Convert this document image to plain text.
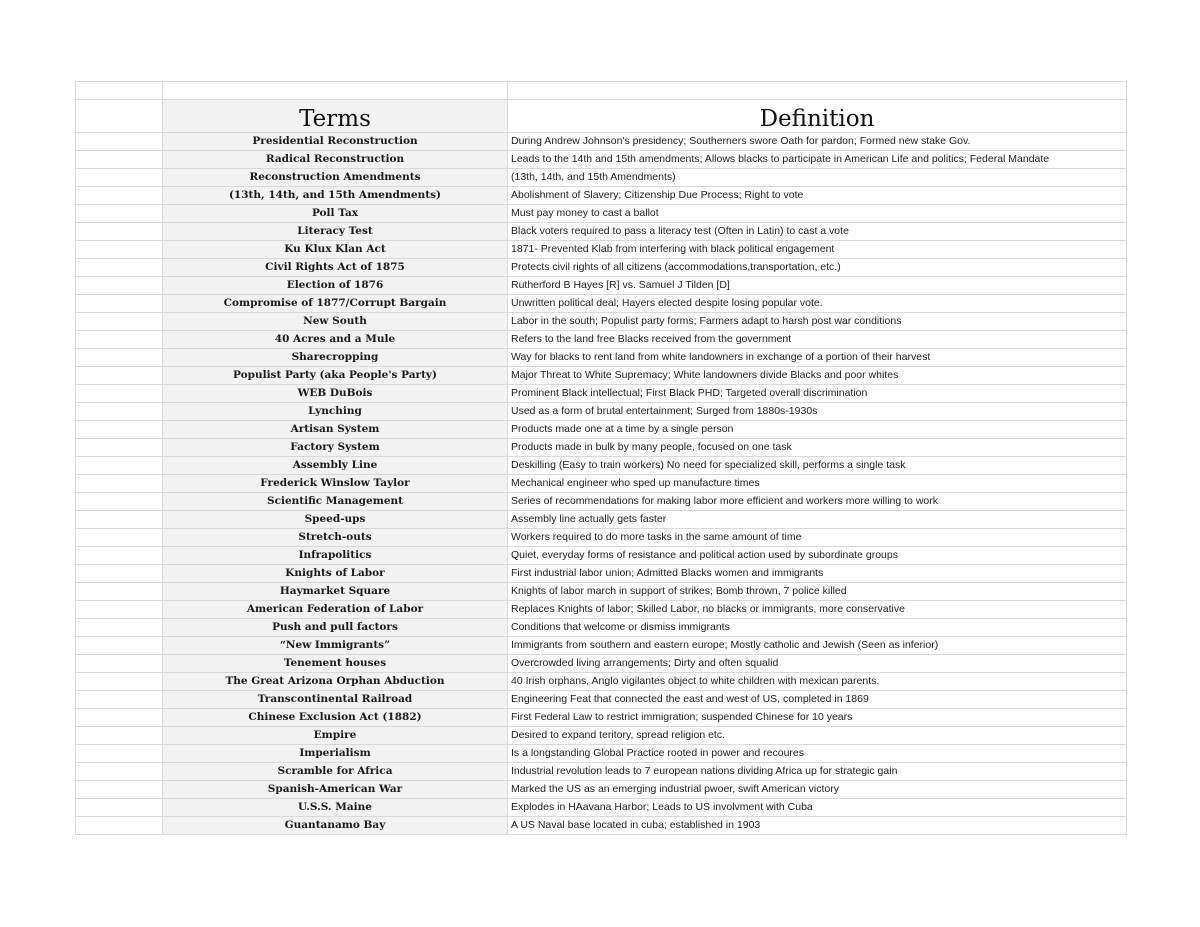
	Terms	Definition
	Presidential Reconstruction	During Andrew Johnson's presidency; Southerners swore Oath for pardon; Formed new stake Gov.
	Radical Reconstruction	Leads to the 14th and 15th amendments; Allows blacks to participate in American Life and politics; Federal Mandate
	Reconstruction Amendments	(13th, 14th, and 15th Amendments)
	(13th, 14th, and 15th Amendments)	Abolishment of Slavery; Citizenship Due Process; Right to vote
	Poll Tax	Must pay money to cast a ballot
	Literacy Test	Black voters required to pass a literacy test (Often in Latin) to cast a vote
	Ku Klux Klan Act	1871- Prevented Klab from interfering with black political engagement
	Civil Rights Act of 1875	Protects civil rights of all citizens (accommodations,transportation, etc.)
	Election of 1876	Rutherford B Hayes [R] vs. Samuel J Tilden [D]
	Compromise of 1877/Corrupt Bargain	Unwritten political deal; Hayers elected despite losing popular vote.
	New South	Labor in the south; Populist party forms; Farmers adapt to harsh post war conditions
	40 Acres and a Mule	Refers to the land free Blacks received from the government
	Sharecropping	Way for blacks to rent land from white landowners in exchange of a portion of their harvest
	Populist Party (aka People's Party)	Major Threat to White Supremacy; White landowners divide Blacks and poor whites
	WEB DuBois	Prominent Black intellectual; First Black PHD; Targeted overall discrimination
	Lynching	Used as a form of brutal entertainment; Surged from 1880s-1930s
	Artisan System	Products made one at a time by a single person
	Factory System	Products made in bulk by many people, focused on one task
	Assembly Line	Deskilling (Easy to train workers) No need for specialized skill, performs a single task
	Frederick Winslow Taylor	Mechanical engineer who sped up manufacture times
	Scientific Management	Series of recommendations for making labor more efficient and workers more willing to work
	Speed-ups	Assembly line actually gets faster
	Stretch-outs	Workers required to do more tasks in the same amount of time
	Infrapolitics	Quiet, everyday forms of resistance and political action used by subordinate groups
	Knights of Labor	First industrial labor union; Admitted Blacks women and immigrants
	Haymarket Square	Knights of labor march in support of strikes; Bomb thrown, 7 police killed
	American Federation of Labor	Replaces Knights of labor; Skilled Labor, no blacks or immigrants, more conservative
	Push and pull factors	Conditions that welcome or dismiss immigrants
	“New Immigrants”	Immigrants from southern and eastern europe; Mostly catholic and Jewish (Seen as inferior)
	Tenement houses	Overcrowded living arrangements; Dirty and often squalid
	The Great Arizona Orphan Abduction	40 Irish orphans, Anglo vigilantes object to white children with mexican parents.
	Transcontinental Railroad	Engineering Feat that connected the east and west of US, completed in 1869
	Chinese Exclusion Act (1882)	First Federal Law to restrict immigration; suspended Chinese for 10 years
	Empire	Desired to expand teritory, spread religion etc.
	Imperialism	Is a longstanding Global Practice rooted in power and recoures
	Scramble for Africa	Industrial revolution leads to 7 european nations dividing Africa up for strategic gain
	Spanish-American War	Marked the US as an emerging industrial pwoer, swift American victory
	U.S.S. Maine	Explodes in HAavana Harbor; Leads to US involvment with Cuba
	Guantanamo Bay	A US Naval base located in cuba; established in 1903
